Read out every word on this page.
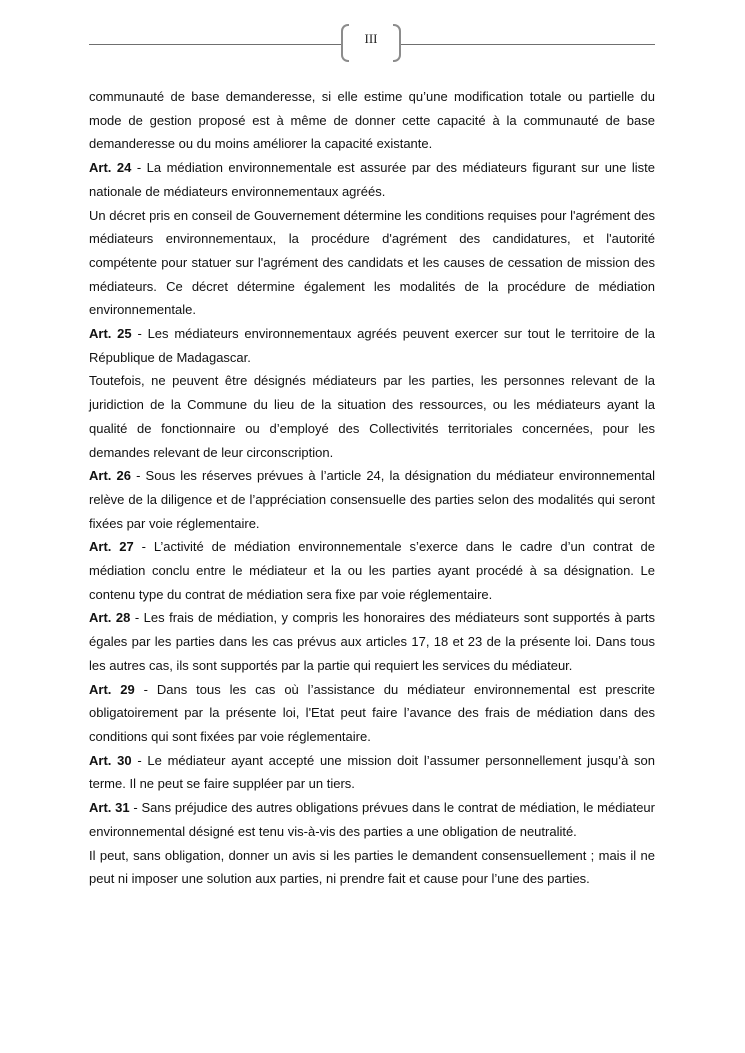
III

communauté de base demanderesse, si elle estime qu’une modification totale ou partielle du mode de gestion proposé est à même de donner cette capacité à la communauté de base demanderesse ou du moins améliorer la capacité existante.

Art. 24 - La médiation environnementale est assurée par des médiateurs figurant sur une liste nationale de médiateurs environnementaux agréés.

Un décret pris en conseil de Gouvernement détermine les conditions requises pour l'agrément des médiateurs environnementaux, la procédure d'agrément des candidatures, et l'autorité compétente pour statuer sur l'agrément des candidats et les causes de cessation de mission des médiateurs. Ce décret détermine également les modalités de la procédure de médiation environnementale.

Art. 25 - Les médiateurs environnementaux agréés peuvent exercer sur tout le territoire de la République de Madagascar.

Toutefois, ne peuvent être désignés médiateurs par les parties, les personnes relevant de la juridiction de la Commune du lieu de la situation des ressources, ou les médiateurs ayant la qualité de fonctionnaire ou d’employé des Collectivités territoriales concernées, pour les demandes relevant de leur circonscription.

Art. 26 - Sous les réserves prévues à l’article 24, la désignation du médiateur environnemental relève de la diligence et de l’appréciation consensuelle des parties selon des modalités qui seront fixées par voie réglementaire.

Art. 27 - L’activité de médiation environnementale s’exerce dans le cadre d’un contrat de médiation conclu entre le médiateur et la ou les parties ayant procédé à sa désignation. Le contenu type du contrat de médiation sera fixe par voie réglementaire.

Art. 28 - Les frais de médiation, y compris les honoraires des médiateurs sont supportés à parts égales par les parties dans les cas prévus aux articles 17, 18 et 23 de la présente loi. Dans tous les autres cas, ils sont supportés par la partie qui requiert les services du médiateur.

Art. 29 - Dans tous les cas où l’assistance du médiateur environnemental est prescrite obligatoirement par la présente loi, l'Etat peut faire l’avance des frais de médiation dans des conditions qui sont fixées par voie réglementaire.

Art. 30 - Le médiateur ayant accepté une mission doit l’assumer personnellement jusqu’à son terme. Il ne peut se faire suppléer par un tiers.

Art. 31 - Sans préjudice des autres obligations prévues dans le contrat de médiation, le médiateur environnemental désigné est tenu vis-à-vis des parties a une obligation de neutralité.

Il peut, sans obligation, donner un avis si les parties le demandent consensuellement ; mais il ne peut ni imposer une solution aux parties, ni prendre fait et cause pour l’une des parties.
